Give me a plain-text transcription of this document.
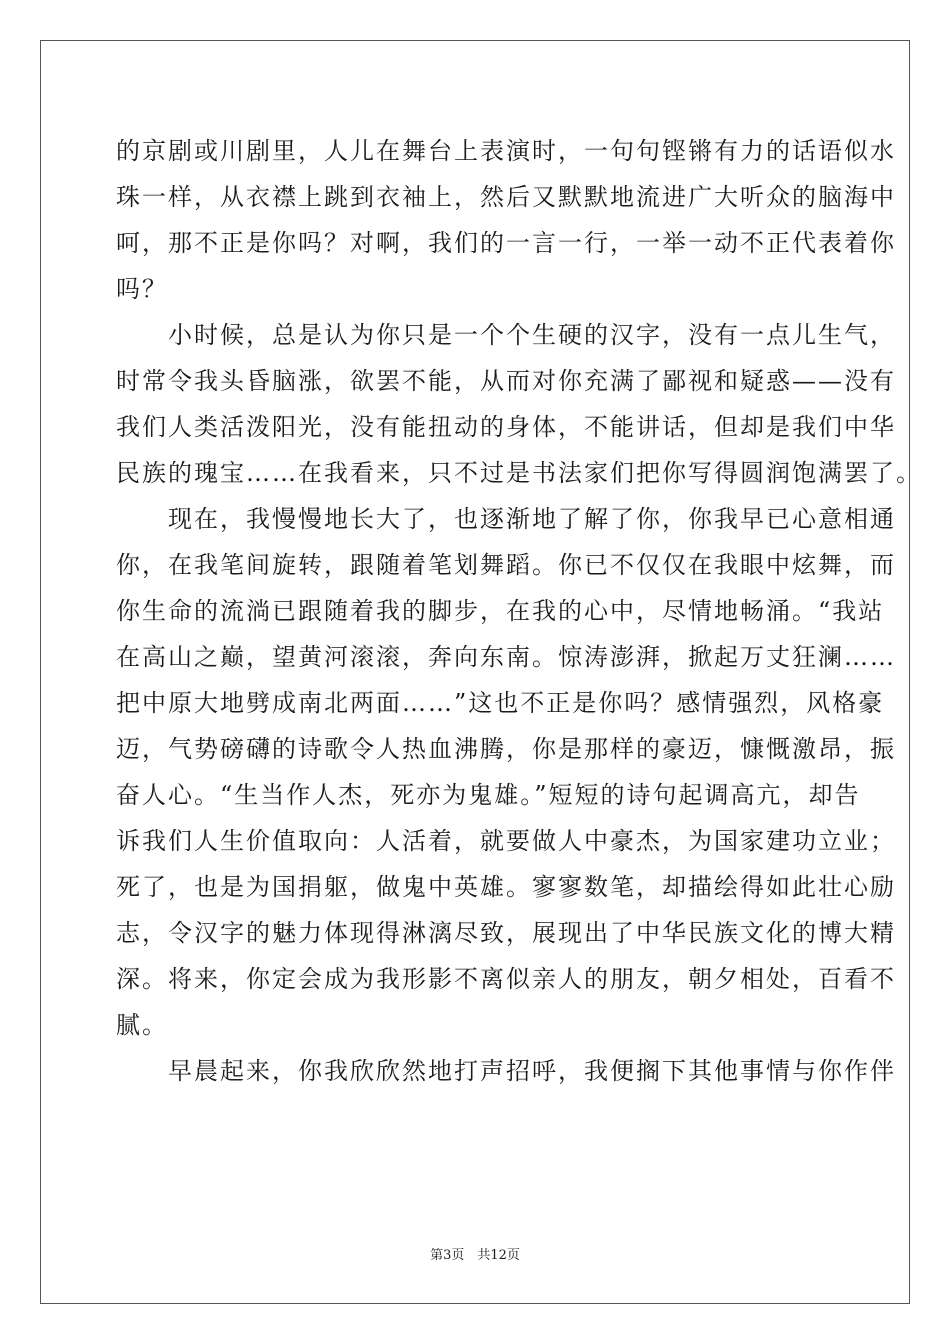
的京剧或川剧里，人儿在舞台上表演时，一句句铿锵有力的话语似水
珠一样，从衣襟上跳到衣袖上，然后又默默地流进广大听众的脑海中
呵，那不正是你吗？对啊，我们的一言一行，一举一动不正代表着你
吗？
　　小时候，总是认为你只是一个个生硬的汉字，没有一点儿生气，
时常令我头昏脑涨，欲罢不能，从而对你充满了鄙视和疑惑——没有
我们人类活泼阳光，没有能扭动的身体，不能讲话，但却是我们中华
民族的瑰宝……在我看来，只不过是书法家们把你写得圆润饱满罢了。
　　现在，我慢慢地长大了，也逐渐地了解了你，你我早已心意相通
你，在我笔间旋转，跟随着笔划舞蹈。你已不仅仅在我眼中炫舞，而
你生命的流淌已跟随着我的脚步，在我的心中，尽情地畅涌。“我站
在高山之巅，望黄河滚滚，奔向东南。惊涛澎湃，掀起万丈狂澜……
把中原大地劈成南北两面……”这也不正是你吗？感情强烈，风格豪
迈，气势磅礴的诗歌令人热血沸腾，你是那样的豪迈，慷慨激昂，振
奋人心。“生当作人杰，死亦为鬼雄。”短短的诗句起调高亢，却告
诉我们人生价值取向：人活着，就要做人中豪杰，为国家建功立业；
死了，也是为国捐躯，做鬼中英雄。寥寥数笔，却描绘得如此壮心励
志，令汉字的魅力体现得淋漓尽致，展现出了中华民族文化的博大精
深。将来，你定会成为我形影不离似亲人的朋友，朝夕相处，百看不
腻。
　　早晨起来，你我欣欣然地打声招呼，我便搁下其他事情与你作伴
第3页　共12页
